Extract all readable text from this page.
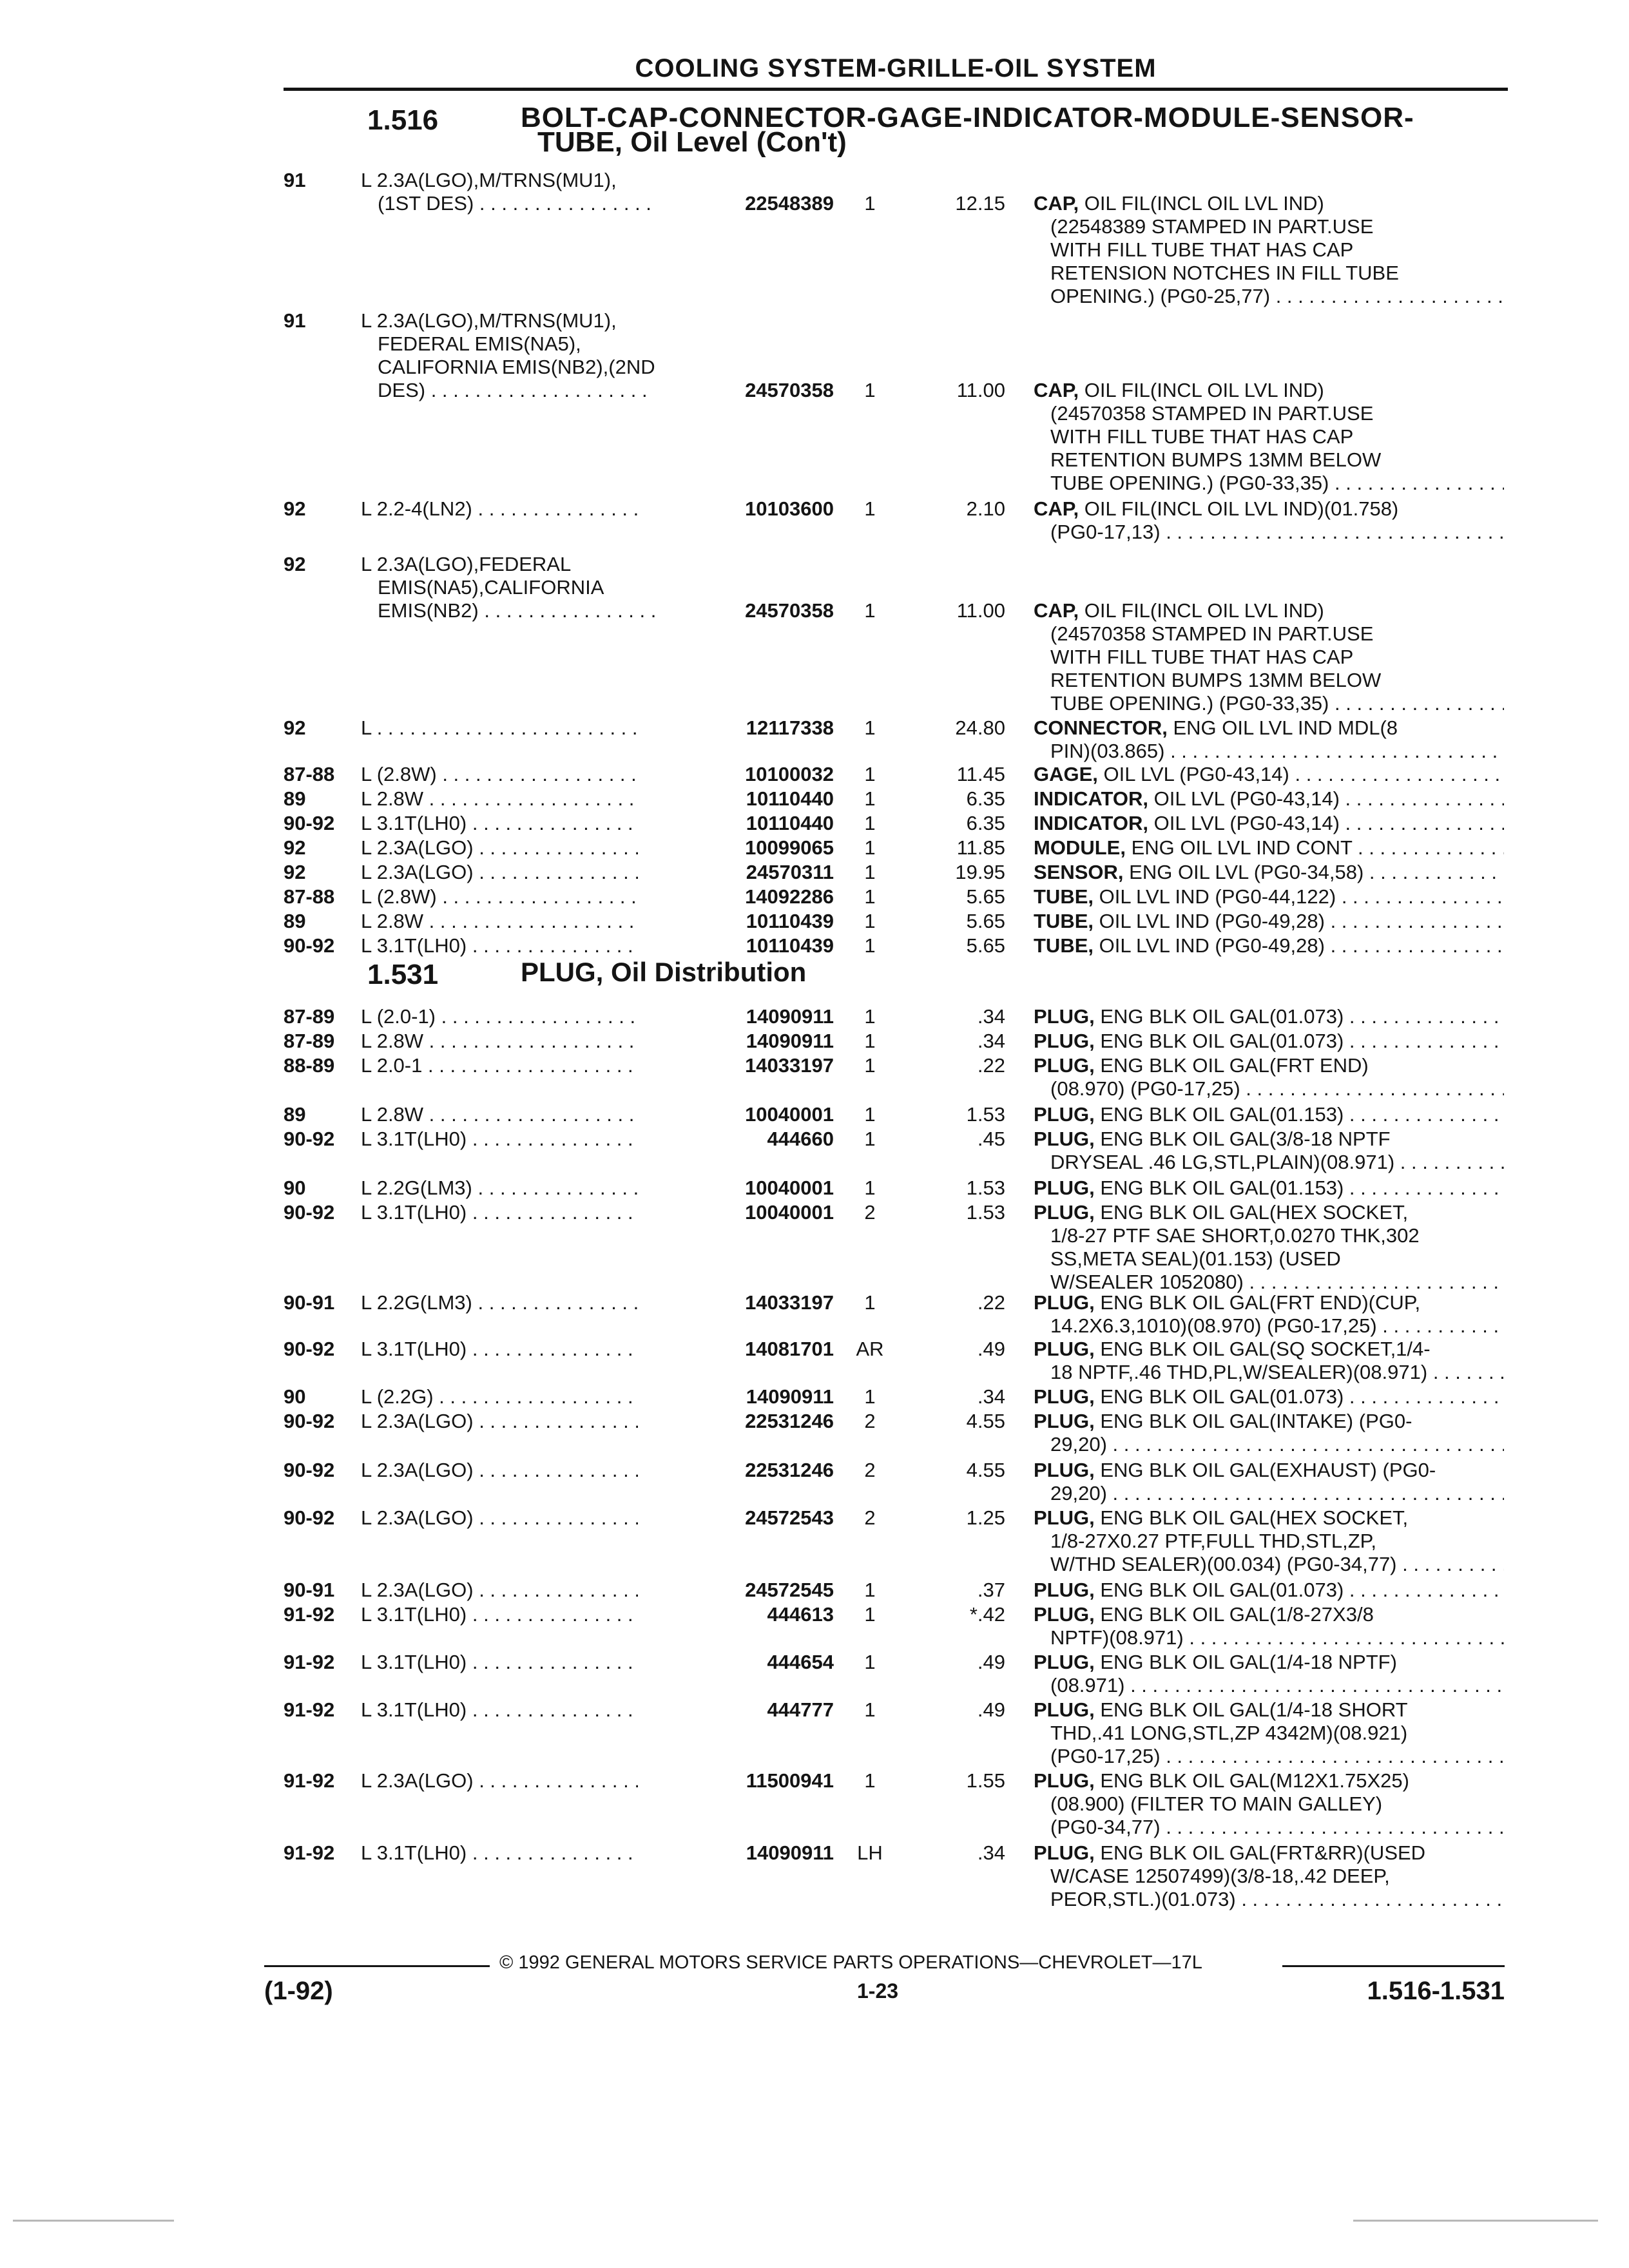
COOLING SYSTEM-GRILLE-OIL SYSTEM
1.516	BOLT-CAP-CONNECTOR-GAGE-INDICATOR-MODULE-SENSOR-
TUBE, Oil Level (Con't)
1.531	PLUG, Oil Distribution
91	L 2.3A(LGO),M/TRNS(MU1),
(1ST DES) . . .	22548389	1	12.15 CAP, OIL FIL(INCL OIL LVL IND)
(22548389 STAMPED IN PART.USE
WITH FILL TUBE THAT HAS CAP
RETENSION NOTCHES IN FILL TUBE
OPENING.) (PG0-25,77) . . .
91	L 2.3A(LGO),M/TRNS(MU1),
FEDERAL EMIS(NA5),
CALIFORNIA EMIS(NB2),(2ND
DES) . . .	24570358	1	11.00 CAP, OIL FIL(INCL OIL LVL IND)
(24570358 STAMPED IN PART.USE
WITH FILL TUBE THAT HAS CAP
RETENTION BUMPS 13MM BELOW
TUBE OPENING.) (PG0-33,35) . . .
92	L 2.2-4(LN2) . . .	10103600	1	2.10 CAP, OIL FIL(INCL OIL LVL IND)(01.758)
(PG0-17,13) . . .
92	L 2.3A(LGO),FEDERAL
EMIS(NA5),CALIFORNIA
EMIS(NB2) . . .	24570358	1	11.00 CAP, OIL FIL(INCL OIL LVL IND)
(24570358 STAMPED IN PART.USE
WITH FILL TUBE THAT HAS CAP
RETENTION BUMPS 13MM BELOW
TUBE OPENING.) (PG0-33,35) . . .
92	L . . .	12117338	1	24.80 CONNECTOR, ENG OIL LVL IND MDL(8
PIN)(03.865) . . .
87-88	L (2.8W) . . .	10100032	1	11.45 GAGE, OIL LVL (PG0-43,14) . . .
89	L 2.8W . . .	10110440	1	6.35 INDICATOR, OIL LVL (PG0-43,14) . . .
90-92	L 3.1T(LH0) . . .	10110440	1	6.35 INDICATOR, OIL LVL (PG0-43,14) . . .
92	L 2.3A(LGO) . . .	10099065	1	11.85 MODULE, ENG OIL LVL IND CONT . . .
92	L 2.3A(LGO) . . .	24570311	1	19.95 SENSOR, ENG OIL LVL (PG0-34,58) . . .
87-88	L (2.8W) . . .	14092286	1	5.65 TUBE, OIL LVL IND (PG0-44,122) . . .
89	L 2.8W . . .	10110439	1	5.65 TUBE, OIL LVL IND (PG0-49,28) . . .
90-92	L 3.1T(LH0) . . .	10110439	1	5.65 TUBE, OIL LVL IND (PG0-49,28) . . .
87-89	L (2.0-1) . . .	14090911	1	.34 PLUG, ENG BLK OIL GAL(01.073) . . .
87-89	L 2.8W . . .	14090911	1	.34 PLUG, ENG BLK OIL GAL(01.073) . . .
88-89	L 2.0-1 . . .	14033197	1	.22 PLUG, ENG BLK OIL GAL(FRT END)
(08.970) (PG0-17,25) . . .
89	L 2.8W . . .	10040001	1	1.53 PLUG, ENG BLK OIL GAL(01.153) . . .
90-92	L 3.1T(LH0) . . .	444660	1	.45 PLUG, ENG BLK OIL GAL(3/8-18 NPTF
DRYSEAL .46 LG,STL,PLAIN)(08.971) . . .
90	L 2.2G(LM3) . . .	10040001	1	1.53 PLUG, ENG BLK OIL GAL(01.153) . . .
90-92	L 3.1T(LH0) . . .	10040001	2	1.53 PLUG, ENG BLK OIL GAL(HEX SOCKET,
1/8-27 PTF SAE SHORT,0.0270 THK,302
SS,META SEAL)(01.153) (USED
W/SEALER 1052080) . . .
90-91	L 2.2G(LM3) . . .	14033197	1	.22 PLUG, ENG BLK OIL GAL(FRT END)(CUP,
14.2X6.3,1010)(08.970) (PG0-17,25) . . .
90-92	L 3.1T(LH0) . . .	14081701	AR	.49 PLUG, ENG BLK OIL GAL(SQ SOCKET,1/4-
18 NPTF,.46 THD,PL,W/SEALER)(08.971) . . .
90	L (2.2G) . . .	14090911	1	.34 PLUG, ENG BLK OIL GAL(01.073) . . .
90-92	L 2.3A(LGO) . . .	22531246	2	4.55 PLUG, ENG BLK OIL GAL(INTAKE) (PG0-
29,20) . . .
90-92	L 2.3A(LGO) . . .	22531246	2	4.55 PLUG, ENG BLK OIL GAL(EXHAUST) (PG0-
29,20) . . .
90-92	L 2.3A(LGO) . . .	24572543	2	1.25 PLUG, ENG BLK OIL GAL(HEX SOCKET,
1/8-27X0.27 PTF,FULL THD,STL,ZP,
W/THD SEALER)(00.034) (PG0-34,77) . . .
90-91	L 2.3A(LGO) . . .	24572545	1	.37 PLUG, ENG BLK OIL GAL(01.073) . . .
91-92	L 3.1T(LH0) . . .	444613	1	*.42 PLUG, ENG BLK OIL GAL(1/8-27X3/8
NPTF)(08.971) . . .
91-92	L 3.1T(LH0) . . .	444654	1	.49 PLUG, ENG BLK OIL GAL(1/4-18 NPTF)
(08.971) . . .
91-92	L 3.1T(LH0) . . .	444777	1	.49 PLUG, ENG BLK OIL GAL(1/4-18 SHORT
THD,.41 LONG,STL,ZP 4342M)(08.921)
(PG0-17,25) . . .
91-92	L 2.3A(LGO) . . .	11500941	1	1.55 PLUG, ENG BLK OIL GAL(M12X1.75X25)
(08.900) (FILTER TO MAIN GALLEY)
(PG0-34,77) . . .
91-92	L 3.1T(LH0) . . .	14090911	LH	.34 PLUG, ENG BLK OIL GAL(FRT&RR)(USED
W/CASE 12507499)(3/8-18,.42 DEEP,
PEOR,STL.)(01.073) . . .
© 1992 GENERAL MOTORS SERVICE PARTS OPERATIONS—CHEVROLET—17L
(1-92)	1-23	1.516-1.531
